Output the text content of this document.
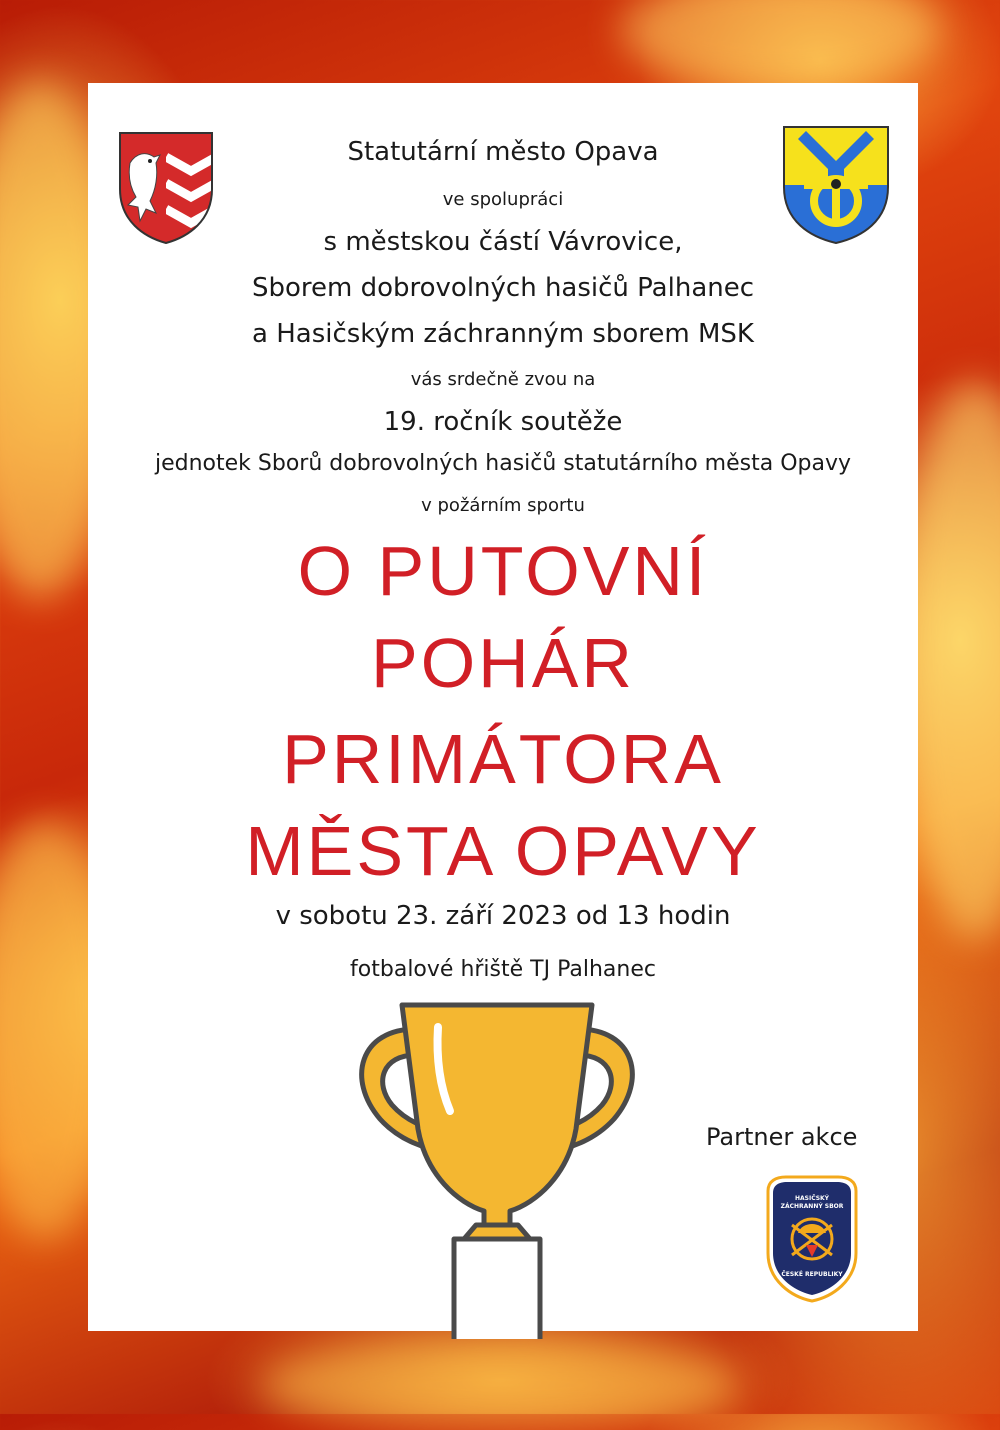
Statutární město Opava
ve spolupráci
s městskou částí Vávrovice,
Sborem dobrovolných hasičů Palhanec
a Hasičským záchranným sborem MSK
vás srdečně zvou na
19. ročník soutěže
jednotek Sborů dobrovolných hasičů statutárního města Opavy
v požárním sportu
O PUTOVNÍ
POHÁR
PRIMÁTORA
MĚSTA OPAVY
v sobotu 23. září 2023 od 13 hodin
fotbalové hřiště TJ Palhanec
Partner akce
HASIČSKÝ
ZÁCHRANNÝ SBOR
ČESKÉ REPUBLIKY
